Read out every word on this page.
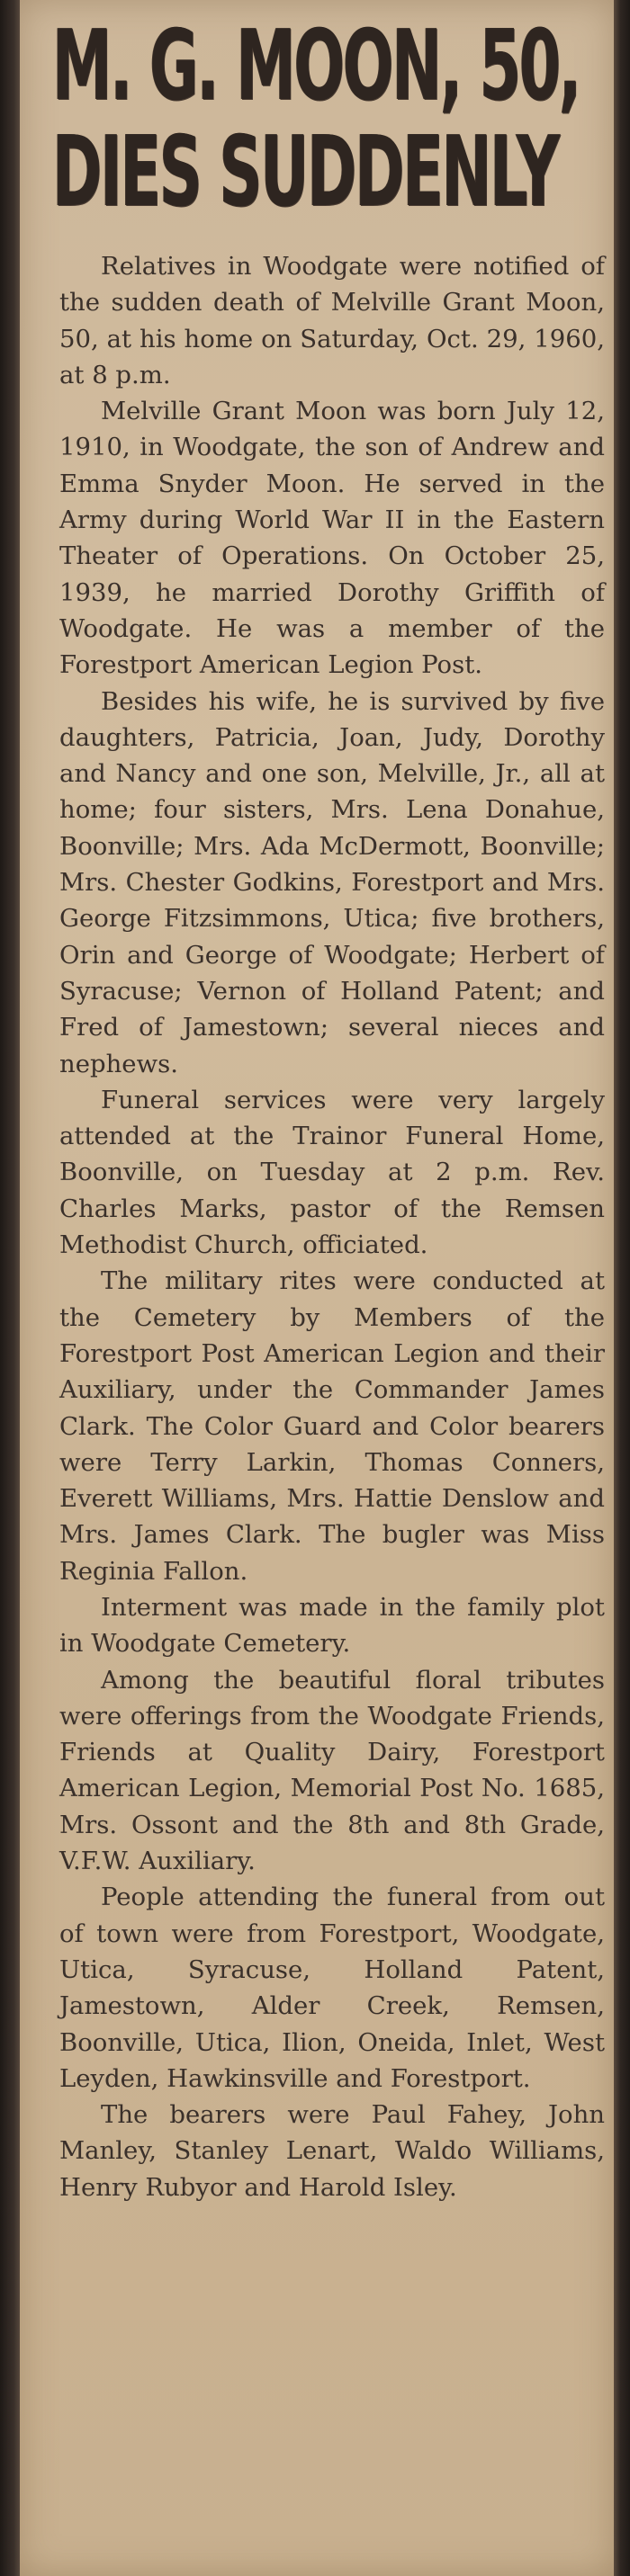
M. G. MOON, 50,
DIES SUDDENLY

Relatives in Woodgate were notified of the sudden death of Melville Grant Moon, 50, at his home on Saturday, Oct. 29, 1960, at 8 p.m.

Melville Grant Moon was born July 12, 1910, in Woodgate, the son of Andrew and Emma Snyder Moon. He served in the Army during World War II in the Eastern Theater of Operations. On October 25, 1939, he married Dorothy Griffith of Woodgate. He was a member of the Forestport American Legion Post.

Besides his wife, he is survived by five daughters, Patricia, Joan, Judy, Dorothy and Nancy and one son, Melville, Jr., all at home; four sisters, Mrs. Lena Donahue, Boonville; Mrs. Ada McDermott, Boonville; Mrs. Chester Godkins, Forestport and Mrs. George Fitzsimmons, Utica; five brothers, Orin and George of Woodgate; Herbert of Syracuse; Vernon of Holland Patent; and Fred of Jamestown; several nieces and nephews.

Funeral services were very largely attended at the Trainor Funeral Home, Boonville, on Tuesday at 2 p.m. Rev. Charles Marks, pastor of the Remsen Methodist Church, officiated.

The military rites were conducted at the Cemetery by Members of the Forestport Post American Legion and their Auxiliary, under the Commander James Clark. The Color Guard and Color bearers were Terry Larkin, Thomas Conners, Everett Williams, Mrs. Hattie Denslow and Mrs. James Clark. The bugler was Miss Reginia Fallon.

Interment was made in the family plot in Woodgate Cemetery.

Among the beautiful floral tributes were offerings from the Woodgate Friends, Friends at Quality Dairy, Forestport American Legion, Memorial Post No. 1685, Mrs. Ossont and the 8th and 8th Grade, V.F.W. Auxiliary.

People attending the funeral from out of town were from Forestport, Woodgate, Utica, Syracuse, Holland Patent, Jamestown, Alder Creek, Remsen, Boonville, Utica, Ilion, Oneida, Inlet, West Leyden, Hawkinsville and Forestport.

The bearers were Paul Fahey, John Manley, Stanley Lenart, Waldo Williams, Henry Rubyor and Harold Isley.
